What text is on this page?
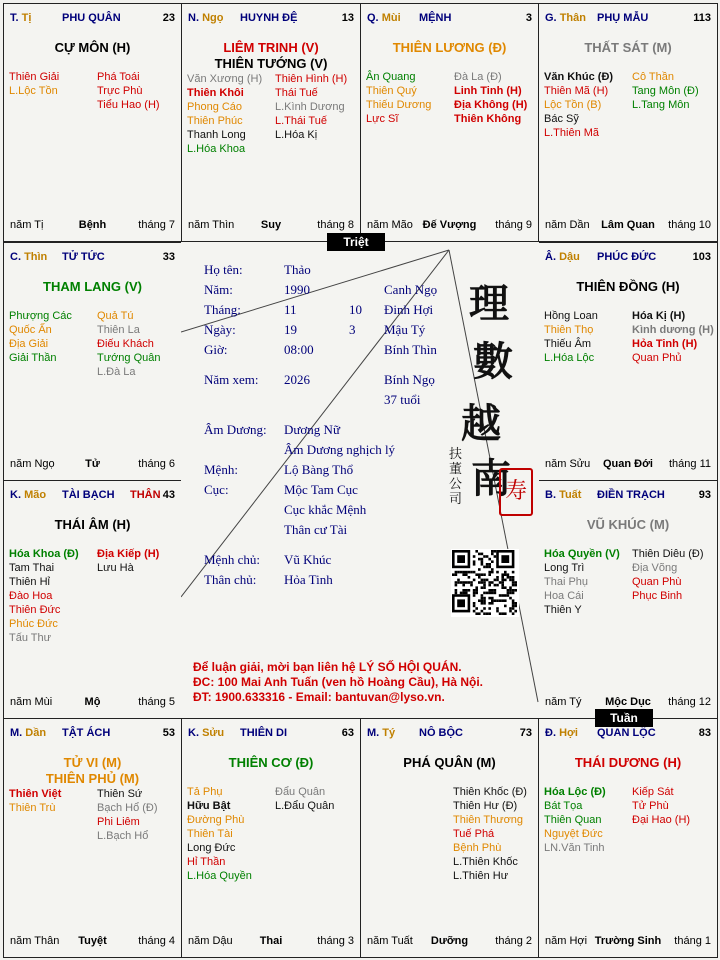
T. Tị	PHU QUÂN	23
CỰ MÔN (H)
Thiên Giải
L.Lộc Tồn
Phá Toái
Trực Phù
Tiểu Hao (H)
năm Tị	Bệnh	tháng 7
N. Ngọ HUYNH ĐỆ	13
LIÊM TRINH (V)
THIÊN TƯỚNG (V)
Văn Xương (H)
Thiên Khôi
Phong Cáo
Thiên Phúc
Thanh Long
L.Hóa Khoa
Thiên Hình (H)
Thái Tuế
L.Kình Dương
L.Thái Tuế
L.Hóa Kị
năm Thìn Suy	tháng 8
Q. Mùi MỆNH	3
THIÊN LƯƠNG (Đ)
Ân Quang
Thiên Quý
Thiếu Dương
Lực Sĩ
Đà La (Đ)
Linh Tinh (H)
Địa Không (H)
Thiên Không
năm Mão Đế Vượng tháng 9
G. Thân PHỤ MẪU	113
THẤT SÁT (M)
Văn Khúc (Đ)
Thiên Mã (H)
Lộc Tồn (B)
Bác Sỹ
L.Thiên Mã
Cô Thần
Tang Môn (Đ)
L.Tang Môn
năm Dần Lâm Quan tháng 10
C. Thìn TỬ TỨC	33
THAM LANG (V)
Phượng Các
Quốc Ấn
Địa Giải
Giải Thần
Quả Tú
Thiên La
Điếu Khách
Tướng Quân
L.Đà La
năm Ngọ	Tử	tháng 6
Â. Dậu PHÚC ĐỨC	103
THIÊN ĐỒNG (H)
Hồng Loan
Thiên Thọ
Thiếu Âm
L.Hóa Lộc
Hóa Kị (H)
Kình dương (H)
Hỏa Tinh (H)
Quan Phủ
năm Sửu Quan Đới tháng 11
K. Mão TÀI BẠCH THÂN 43
THÁI ÂM (H)
Hóa Khoa (Đ)
Tam Thai
Thiên Hỉ
Đào Hoa
Thiên Đức
Phúc Đức
Tấu Thư
Địa Kiếp (H)
Lưu Hà
năm Mùi	Mộ	tháng 5
B. Tuất ĐIỀN TRẠCH	93
VŨ KHÚC (M)
Hóa Quyền (V)
Long Trì
Thai Phụ
Hoa Cái
Thiên Y
Thiên Diêu (Đ)
Địa Võng
Quan Phù
Phục Binh
năm Tý Mộc Dục tháng 12
M. Dần TẬT ÁCH	53
TỬ VI (M)
THIÊN PHỦ (M)
Thiên Việt
Thiên Trù
Thiên Sứ
Bạch Hổ (Đ)
Phi Liêm
L.Bạch Hổ
năm Thân Tuyệt	tháng 4
K. Sửu THIÊN DI	63
THIÊN CƠ (Đ)
Tả Phụ
Hữu Bật
Đường Phù
Thiên Tài
Long Đức
Hỉ Thần
L.Hóa Quyền
Đẩu Quân
L.Đẩu Quân
năm Dậu Thai	tháng 3
M. Tý NÔ BỘC	73
PHÁ QUÂN (M)
Thiên Khốc (Đ)
Thiên Hư (Đ)
Thiên Thương
Tuế Phá
Bệnh Phù
L.Thiên Khốc
L.Thiên Hư
năm Tuất Dưỡng tháng 2
Đ. Hợi QUAN LỘC	83
THÁI DƯƠNG (H)
Hóa Lộc (Đ)
Bát Tọa
Thiên Quan
Nguyệt Đức
LN.Văn Tinh
Kiếp Sát
Tử Phù
Đại Hao (H)
năm Hợi Trường Sinh tháng 1
Họ tên:	Thảo
Năm:	1990	Canh Ngọ
Tháng:	11	10 Đinh Hợi
Ngày:	19	3 Mậu Tý
Giờ:	08:00	Bính Thìn
Năm xem: 2026	Bính Ngọ
37 tuổi
Âm Dương: Dương Nữ
Âm Dương nghịch lý
Mệnh:	Lộ Bàng Thổ
Cục:	Mộc Tam Cục
Cục khắc Mệnh
Thân cư Tài
Mệnh chủ: Vũ Khúc
Thân chủ: Hỏa Tinh
理
數
越
南
扶董公司 寿
Để luận giải, mời bạn liên hệ LÝ SỐ HỘI QUÁN.
ĐC: 100 Mai Anh Tuấn (ven hồ Hoàng Cầu), Hà Nội.
ĐT: 1900.633316 - Email: bantuvan@lyso.vn.
Triệt
Tuần
